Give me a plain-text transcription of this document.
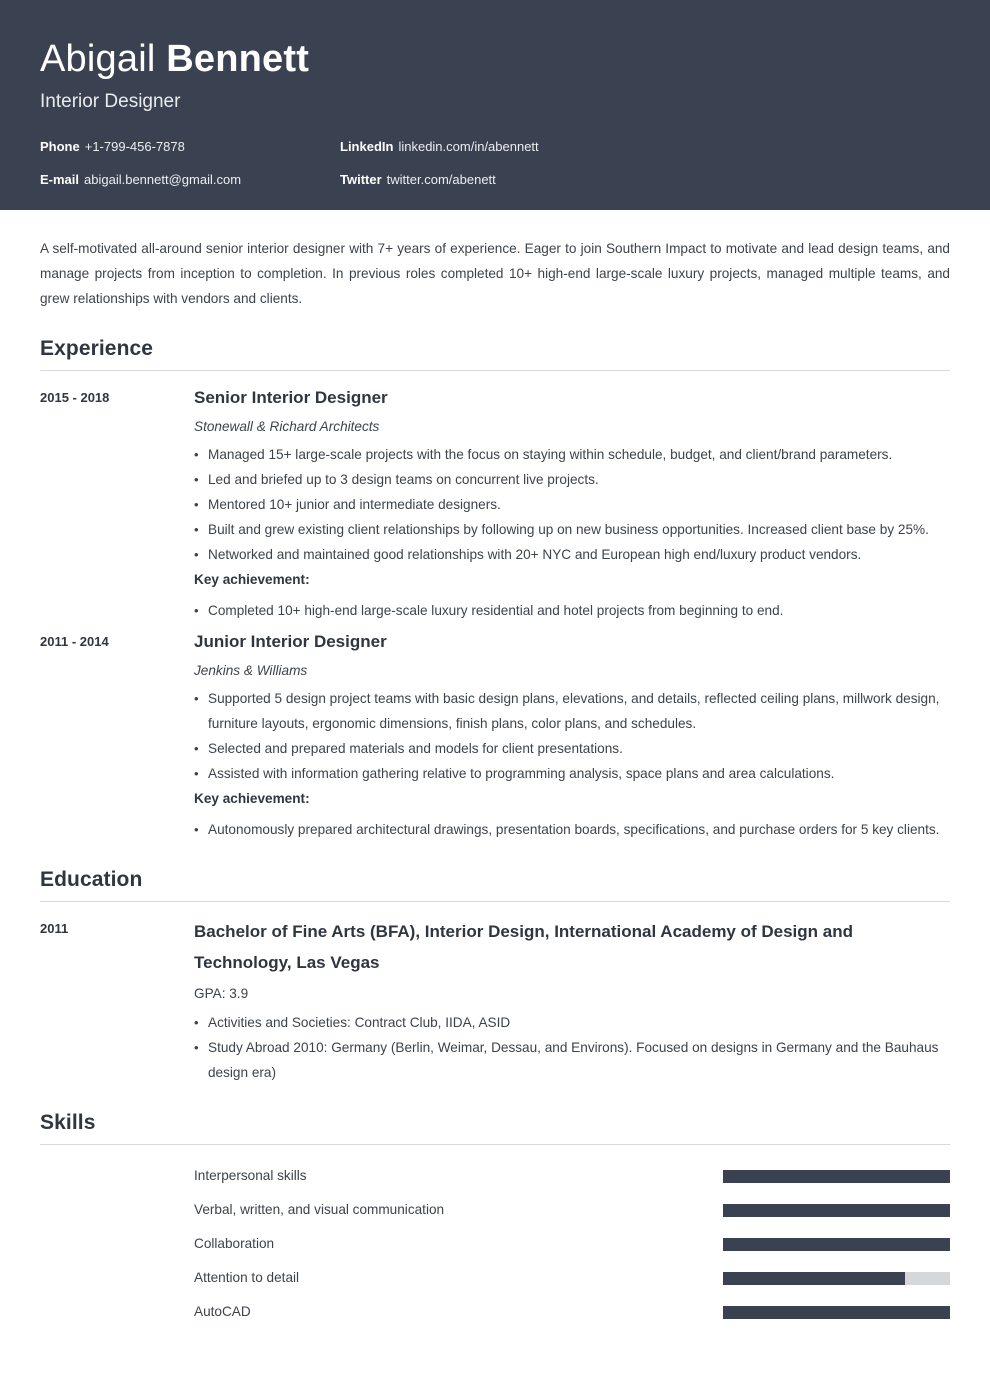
Abigail Bennett
Interior Designer
Phone +1-799-456-7878	LinkedIn linkedin.com/in/abennett
E-mail abigail.bennett@gmail.com	Twitter twitter.com/abenett

A self-motivated all-around senior interior designer with 7+ years of experience. Eager to join Southern Impact to motivate and lead design teams, and manage projects from inception to completion. In previous roles completed 10+ high-end large-scale luxury projects, managed multiple teams, and grew relationships with vendors and clients.

Experience
2015 - 2018	Senior Interior Designer
Stonewall & Richard Architects
• Managed 15+ large-scale projects with the focus on staying within schedule, budget, and client/brand parameters.
• Led and briefed up to 3 design teams on concurrent live projects.
• Mentored 10+ junior and intermediate designers.
• Built and grew existing client relationships by following up on new business opportunities. Increased client base by 25%.
• Networked and maintained good relationships with 20+ NYC and European high end/luxury product vendors.
Key achievement:
• Completed 10+ high-end large-scale luxury residential and hotel projects from beginning to end.
2011 - 2014	Junior Interior Designer
Jenkins & Williams
• Supported 5 design project teams with basic design plans, elevations, and details, reflected ceiling plans, millwork design, furniture layouts, ergonomic dimensions, finish plans, color plans, and schedules.
• Selected and prepared materials and models for client presentations.
• Assisted with information gathering relative to programming analysis, space plans and area calculations.
Key achievement:
• Autonomously prepared architectural drawings, presentation boards, specifications, and purchase orders for 5 key clients.
Education
2011	Bachelor of Fine Arts (BFA), Interior Design, International Academy of Design and Technology, Las Vegas
GPA: 3.9
• Activities and Societies: Contract Club, IIDA, ASID
• Study Abroad 2010: Germany (Berlin, Weimar, Dessau, and Environs). Focused on designs in Germany and the Bauhaus design era)
Skills
Interpersonal skills
Verbal, written, and visual communication
Collaboration
Attention to detail
AutoCAD
